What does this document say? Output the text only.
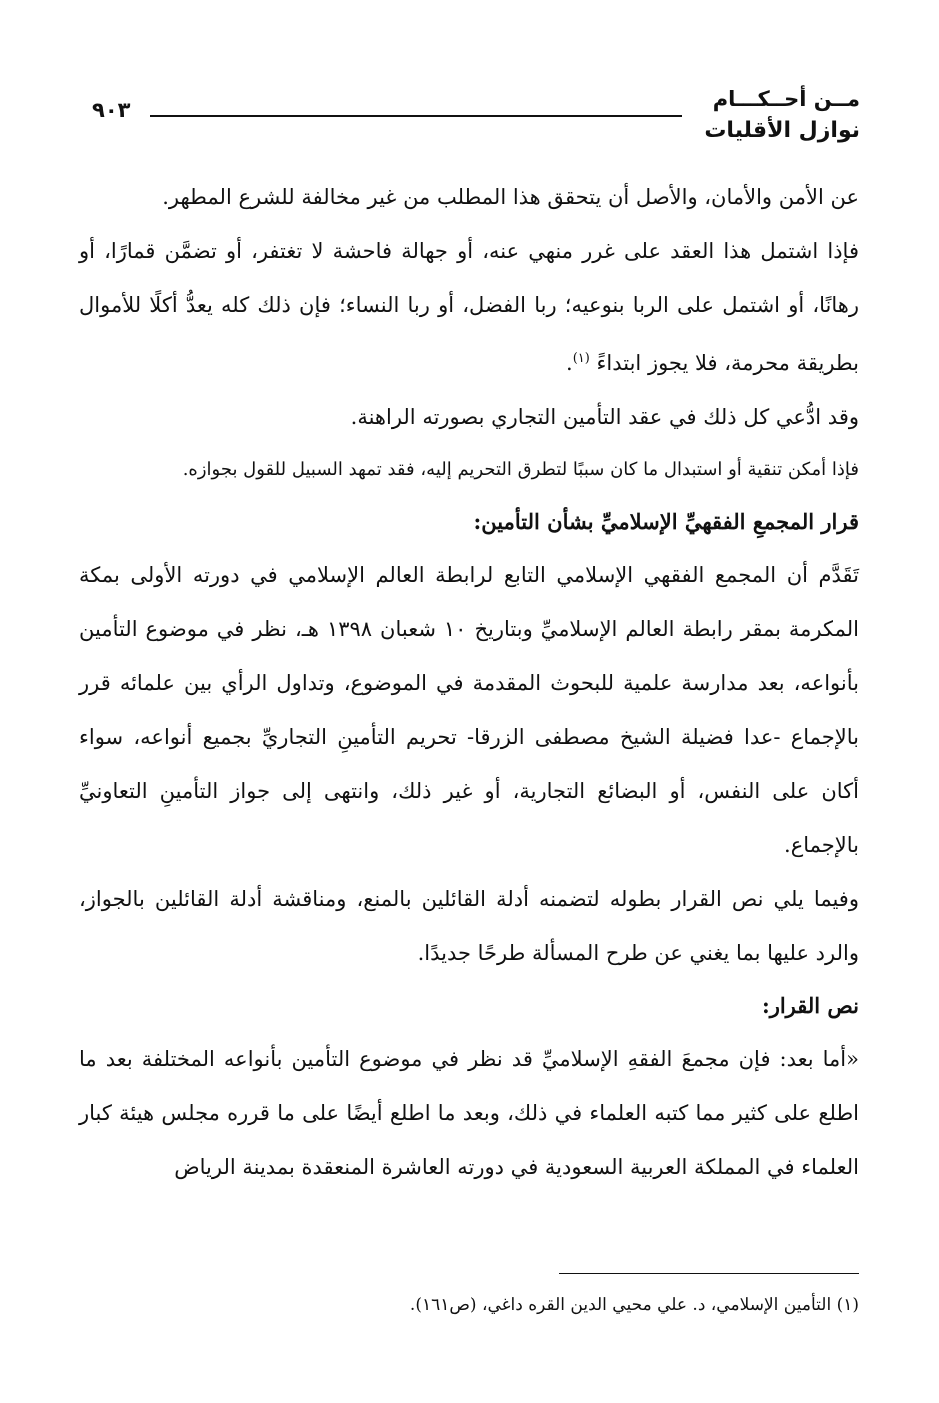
مــن أحــكـــام
نوازل الأقليات
٩٠٣

عن الأمن والأمان، والأصل أن يتحقق هذا المطلب من غير مخالفة للشرع المطهر.

فإذا اشتمل هذا العقد على غرر منهي عنه، أو جهالة فاحشة لا تغتفر، أو تضمَّن قمارًا، أو رهانًا، أو اشتمل على الربا بنوعيه؛ ربا الفضل، أو ربا النساء؛ فإن ذلك كله يعدُّ أكلًا للأموال بطريقة محرمة، فلا يجوز ابتداءً $^{(١)}$.

وقد ادُّعي كل ذلك في عقد التأمين التجاري بصورته الراهنة.

فإذا أمكن تنقية أو استبدال ما كان سببًا لتطرق التحريم إليه، فقد تمهد السبيل للقول بجوازه.

قرار المجمعِ الفقهيِّ الإسلاميِّ بشأن التأمين:

تَقَدَّم أن المجمع الفقهي الإسلامي التابع لرابطة العالم الإسلامي في دورته الأولى بمكة المكرمة بمقر رابطة العالم الإسلاميِّ وبتاريخ ١٠ شعبان ١٣٩٨ هـ، نظر في موضوع التأمين بأنواعه، بعد مدارسة علمية للبحوث المقدمة في الموضوع، وتداول الرأي بين علمائه قرر بالإجماع -عدا فضيلة الشيخ مصطفى الزرقا- تحريم التأمينِ التجاريِّ بجميع أنواعه، سواء أكان على النفس، أو البضائع التجارية، أو غير ذلك، وانتهى إلى جواز التأمينِ التعاونيِّ بالإجماع.

وفيما يلي نص القرار بطوله لتضمنه أدلة القائلين بالمنع، ومناقشة أدلة القائلين بالجواز، والرد عليها بما يغني عن طرح المسألة طرحًا جديدًا.

نص القرار:

«أما بعد: فإن مجمعَ الفقهِ الإسلاميِّ قد نظر في موضوع التأمين بأنواعه المختلفة بعد ما اطلع على كثير مما كتبه العلماء في ذلك، وبعد ما اطلع أيضًا على ما قرره مجلس هيئة كبار العلماء في المملكة العربية السعودية في دورته العاشرة المنعقدة بمدينة الرياض

(١) التأمين الإسلامي، د. علي محيي الدين القره داغي، (ص١٦١).
